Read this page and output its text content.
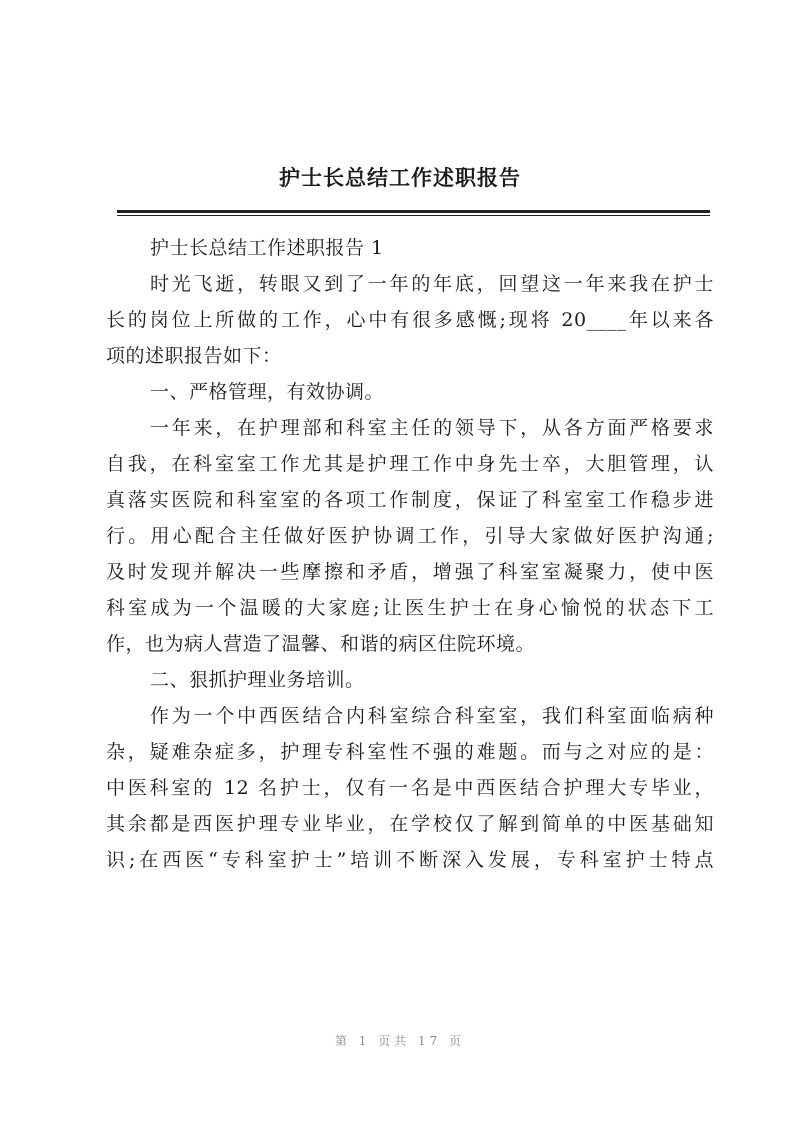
护士长总结工作述职报告
护士长总结工作述职报告 1
时光飞逝，转眼又到了一年的年底，回望这一年来我在护士
长的岗位上所做的工作，心中有很多感慨;现将 20____年以来各
项的述职报告如下：
一、严格管理，有效协调。
一年来，在护理部和科室主任的领导下，从各方面严格要求
自我，在科室室工作尤其是护理工作中身先士卒，大胆管理，认
真落实医院和科室室的各项工作制度，保证了科室室工作稳步进
行。用心配合主任做好医护协调工作，引导大家做好医护沟通;
及时发现并解决一些摩擦和矛盾，增强了科室室凝聚力，使中医
科室成为一个温暖的大家庭;让医生护士在身心愉悦的状态下工
作，也为病人营造了温馨、和谐的病区住院环境。
二、狠抓护理业务培训。
作为一个中西医结合内科室综合科室室，我们科室面临病种
杂，疑难杂症多，护理专科室性不强的难题。而与之对应的是：
中医科室的 12 名护士，仅有一名是中西医结合护理大专毕业，
其余都是西医护理专业毕业，在学校仅了解到简单的中医基础知
识;在西医“专科室护士”培训不断深入发展，专科室护士特点
第 1 页共 17 页
